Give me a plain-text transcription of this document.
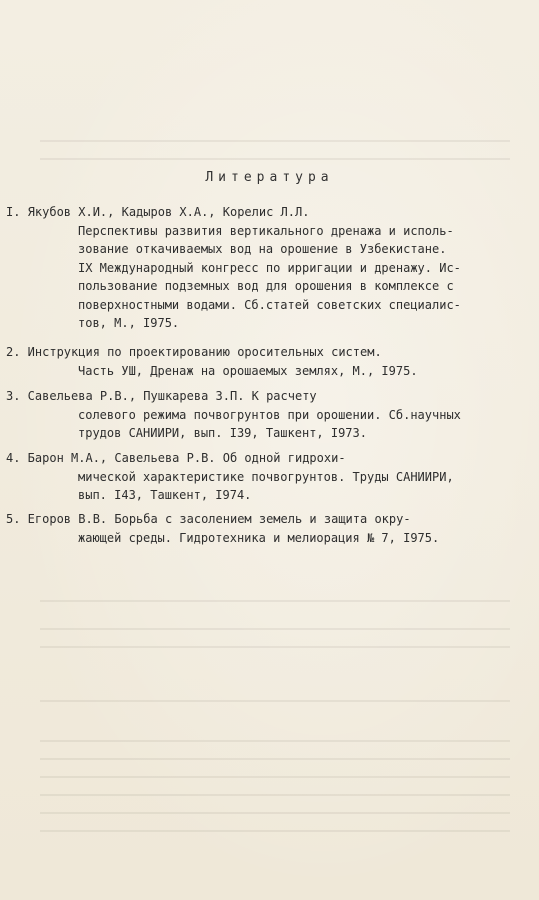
Литература
I. Якубов Х.И., Кадыров Х.А., Корелис Л.Л.
Перспективы развития вертикального дренажа и исполь-
зование откачиваемых вод на орошение в Узбекистане.
IX Международный конгресс по ирригации и дренажу. Ис-
пользование подземных вод для орошения в комплексе с
поверхностными водами. Сб.статей советских специалис-
тов, М., I975.
2. Инструкция по проектированию оросительных систем.
Часть УШ, Дренаж на орошаемых землях, М., I975.
3. Савельева Р.В., Пушкарева З.П. К расчету
солевого режима почвогрунтов при орошении. Сб.научных
трудов САНИИРИ, вып. I39, Ташкент, I973.
4. Барон М.А., Савельева Р.В. Об одной гидрохи-
мической характеристике почвогрунтов. Труды САНИИРИ,
вып. I43, Ташкент, I974.
5. Егоров В.В. Борьба с засолением земель и защита окру-
жающей среды. Гидротехника и мелиорация № 7, I975.
